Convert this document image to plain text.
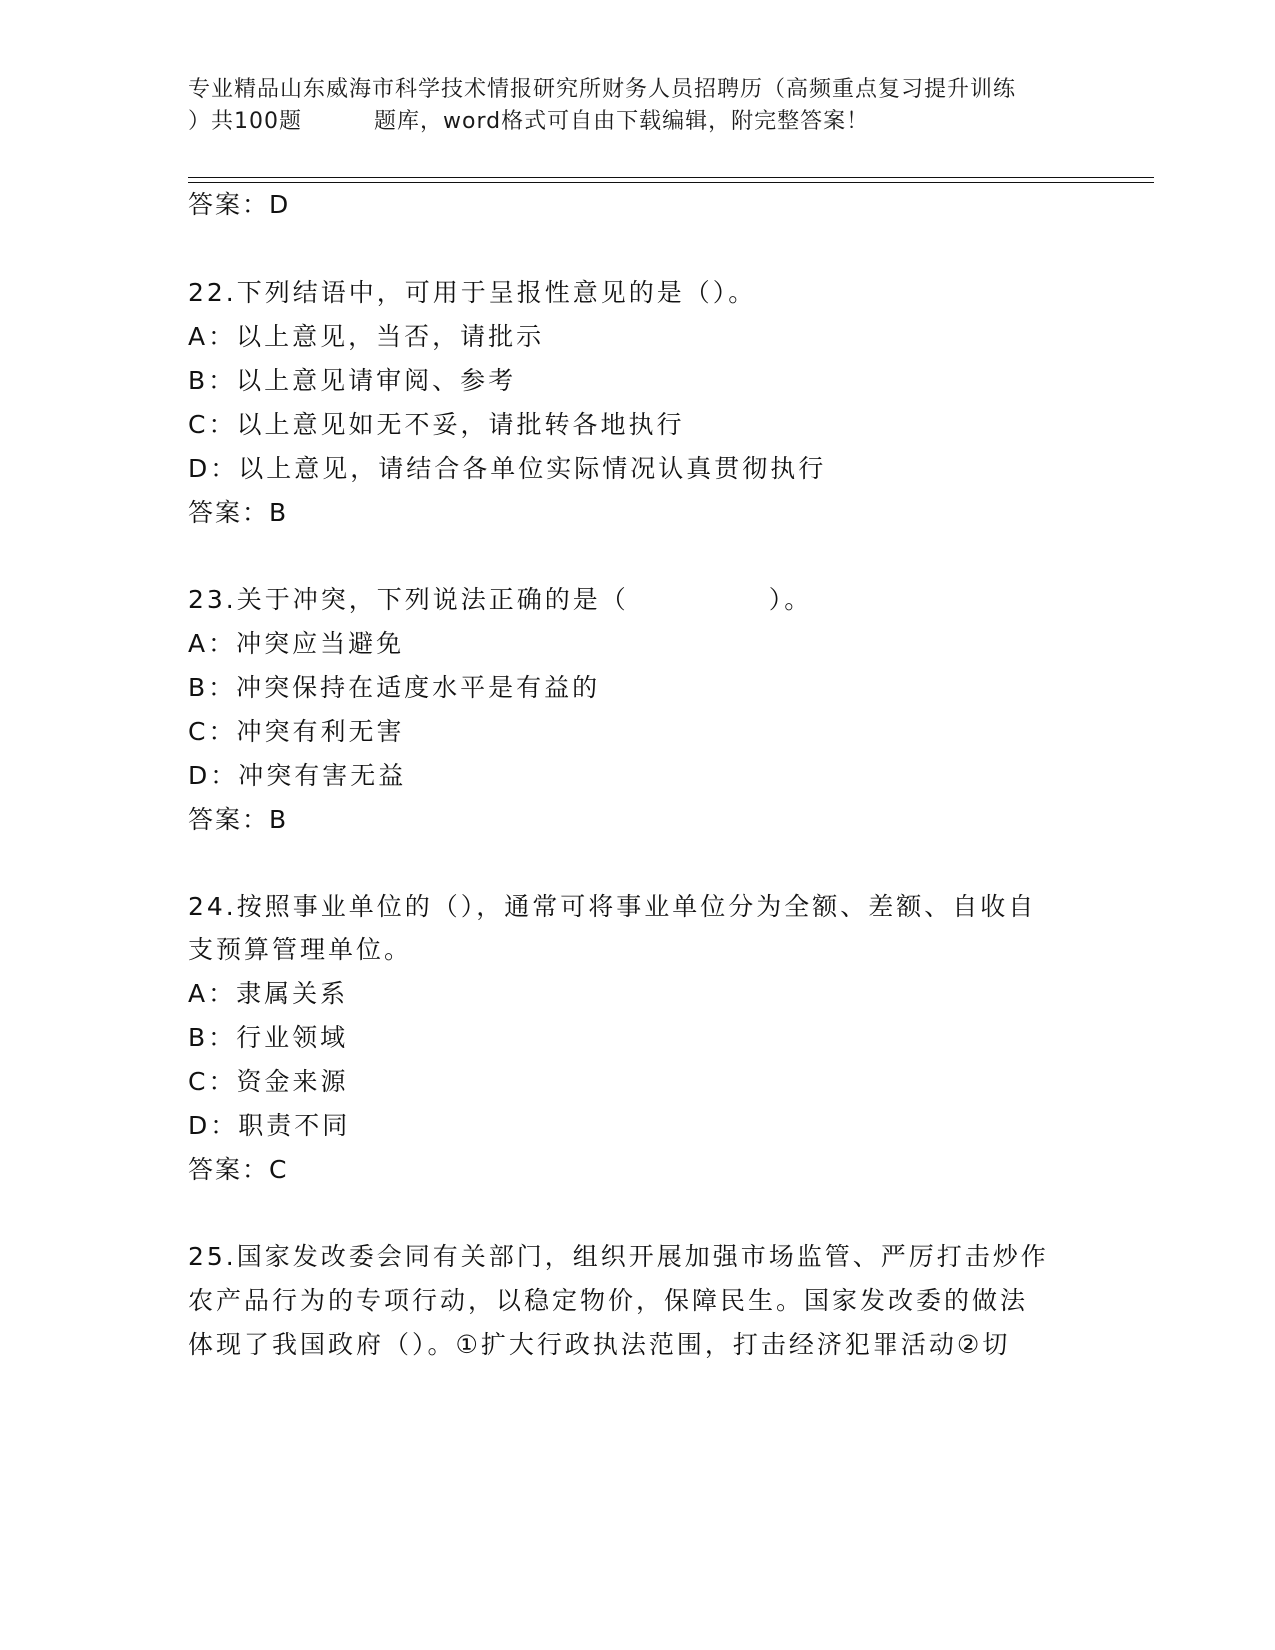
专业精品山东威海市科学技术情报研究所财务人员招聘历（高频重点复习提升训练
）共100题	题库，word格式可自由下载编辑，附完整答案！
答案：D
22.下列结语中，可用于呈报性意见的是（）。
A：以上意见，当否，请批示
B：以上意见请审阅、参考
C：以上意见如无不妥，请批转各地执行
D：以上意见，请结合各单位实际情况认真贯彻执行
答案：B
23.关于冲突，下列说法正确的是（　　　　　）。
A：冲突应当避免
B：冲突保持在适度水平是有益的
C：冲突有利无害
D：冲突有害无益
答案：B
24.按照事业单位的（），通常可将事业单位分为全额、差额、自收自
支预算管理单位。
A：隶属关系
B：行业领域
C：资金来源
D：职责不同
答案：C
25.国家发改委会同有关部门，组织开展加强市场监管、严厉打击炒作
农产品行为的专项行动，以稳定物价，保障民生。国家发改委的做法
体现了我国政府（）。①扩大行政执法范围，打击经济犯罪活动②切
